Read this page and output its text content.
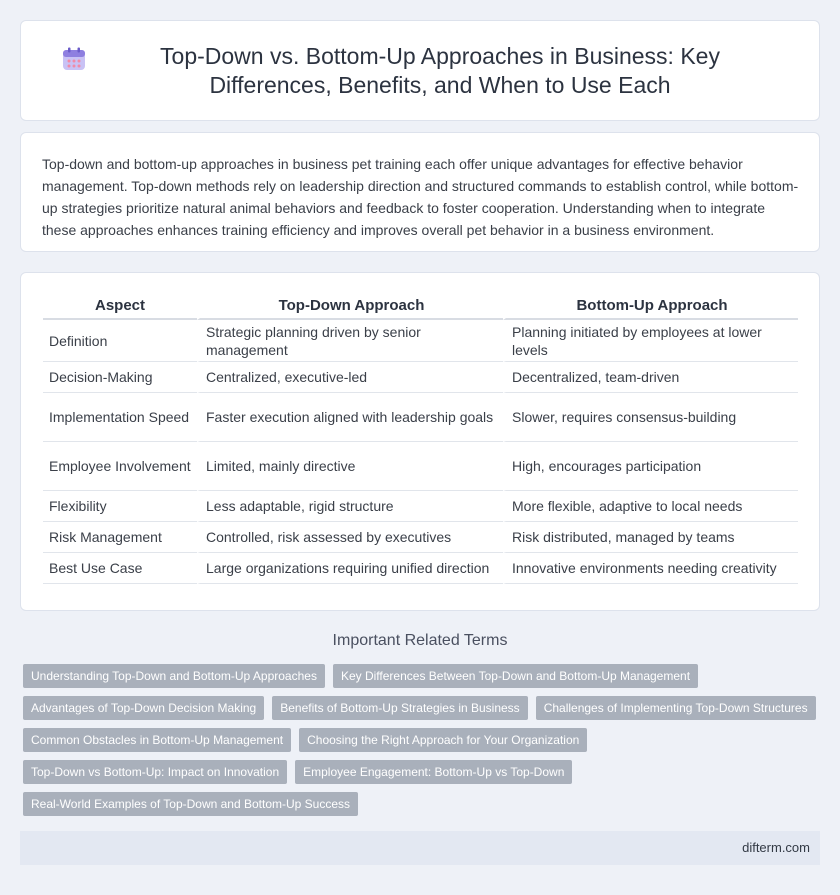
Top-Down vs. Bottom-Up Approaches in Business: Key Differences, Benefits, and When to Use Each

Top-down and bottom-up approaches in business pet training each offer unique advantages for effective behavior management. Top-down methods rely on leadership direction and structured commands to establish control, while bottom-up strategies prioritize natural animal behaviors and feedback to foster cooperation. Understanding when to integrate these approaches enhances training efficiency and improves overall pet behavior in a business environment.

Aspect	Top-Down Approach	Bottom-Up Approach
Definition	Strategic planning driven by senior management	Planning initiated by employees at lower levels
Decision-Making	Centralized, executive-led	Decentralized, team-driven
Implementation Speed	Faster execution aligned with leadership goals	Slower, requires consensus-building
Employee Involvement	Limited, mainly directive	High, encourages participation
Flexibility	Less adaptable, rigid structure	More flexible, adaptive to local needs
Risk Management	Controlled, risk assessed by executives	Risk distributed, managed by teams
Best Use Case	Large organizations requiring unified direction	Innovative environments needing creativity
Important Related Terms
Understanding Top-Down and Bottom-Up Approaches	Key Differences Between Top-Down and Bottom-Up Management
Advantages of Top-Down Decision Making	Benefits of Bottom-Up Strategies in Business	Challenges of Implementing Top-Down Structures
Common Obstacles in Bottom-Up Management	Choosing the Right Approach for Your Organization
Top-Down vs Bottom-Up: Impact on Innovation	Employee Engagement: Bottom-Up vs Top-Down
Real-World Examples of Top-Down and Bottom-Up Success
difterm.com
